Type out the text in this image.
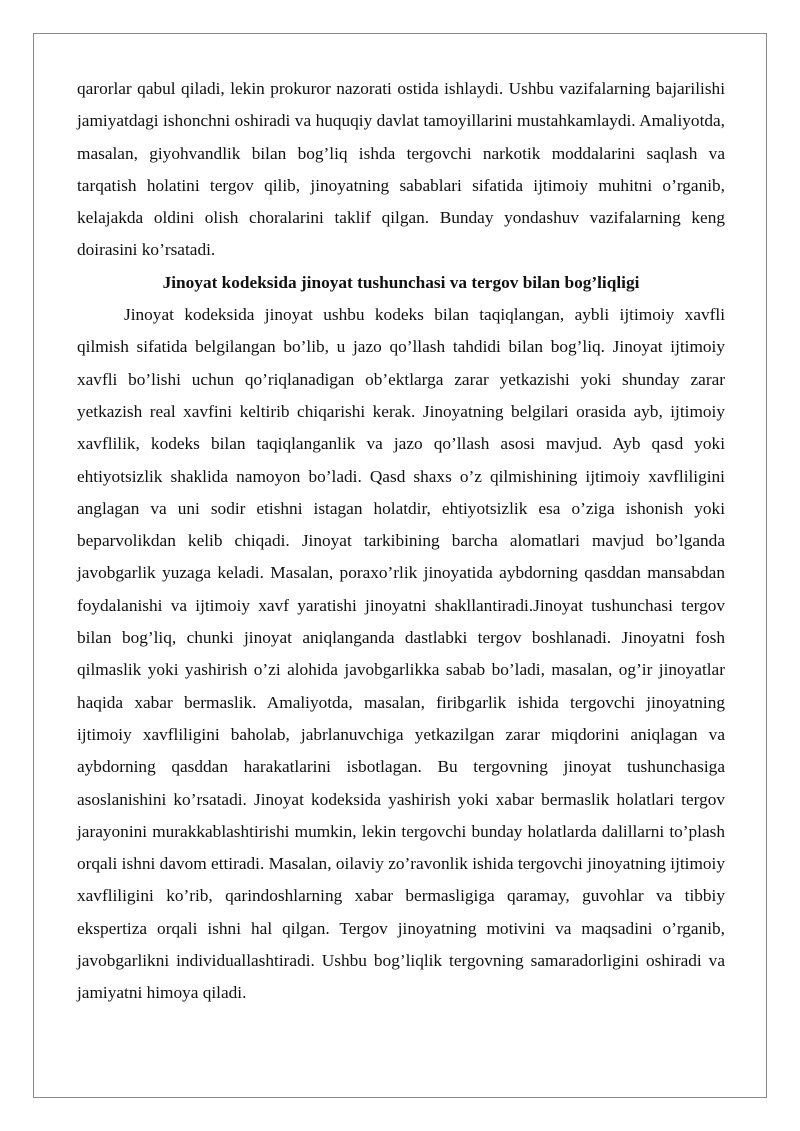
qarorlar qabul qiladi, lekin prokuror nazorati ostida ishlaydi. Ushbu vazifalarning bajarilishi jamiyatdagi ishonchni oshiradi va huquqiy davlat tamoyillarini mustahkamlaydi. Amaliyotda, masalan, giyohvandlik bilan bog’liq ishda tergovchi narkotik moddalarini saqlash va tarqatish holatini tergov qilib, jinoyatning sabablari sifatida ijtimoiy muhitni o’rganib, kelajakda oldini olish choralarini taklif qilgan. Bunday yondashuv vazifalarning keng doirasini ko’rsatadi.

Jinoyat kodeksida jinoyat tushunchasi va tergov bilan bog’liqligi

Jinoyat kodeksida jinoyat ushbu kodeks bilan taqiqlangan, aybli ijtimoiy xavfli qilmish sifatida belgilangan bo’lib, u jazo qo’llash tahdidi bilan bog’liq. Jinoyat ijtimoiy xavfli bo’lishi uchun qo’riqlanadigan ob’ektlarga zarar yetkazishi yoki shunday zarar yetkazish real xavfini keltirib chiqarishi kerak. Jinoyatning belgilari orasida ayb, ijtimoiy xavflilik, kodeks bilan taqiqlanganlik va jazo qo’llash asosi mavjud. Ayb qasd yoki ehtiyotsizlik shaklida namoyon bo’ladi. Qasd shaxs o’z qilmishining ijtimoiy xavfliligini anglagan va uni sodir etishni istagan holatdir, ehtiyotsizlik esa o’ziga ishonish yoki beparvolikdan kelib chiqadi. Jinoyat tarkibining barcha alomatlari mavjud bo’lganda javobgarlik yuzaga keladi. Masalan, poraxo’rlik jinoyatida aybdorning qasddan mansabdan foydalanishi va ijtimoiy xavf yaratishi jinoyatni shakllantiradi.Jinoyat tushunchasi tergov bilan bog’liq, chunki jinoyat aniqlanganda dastlabki tergov boshlanadi. Jinoyatni fosh qilmaslik yoki yashirish o’zi alohida javobgarlikka sabab bo’ladi, masalan, og’ir jinoyatlar haqida xabar bermaslik. Amaliyotda, masalan, firibgarlik ishida tergovchi jinoyatning ijtimoiy xavfliligini baholab, jabrlanuvchiga yetkazilgan zarar miqdorini aniqlagan va aybdorning qasddan harakatlarini isbotlagan. Bu tergovning jinoyat tushunchasiga asoslanishini ko’rsatadi. Jinoyat kodeksida yashirish yoki xabar bermaslik holatlari tergov jarayonini murakkablashtirishi mumkin, lekin tergovchi bunday holatlarda dalillarni to’plash orqali ishni davom ettiradi. Masalan, oilaviy zo’ravonlik ishida tergovchi jinoyatning ijtimoiy xavfliligini ko’rib, qarindoshlarning xabar bermasligiga qaramay, guvohlar va tibbiy ekspertiza orqali ishni hal qilgan. Tergov jinoyatning motivini va maqsadini o’rganib, javobgarlikni individuallashtiradi. Ushbu bog’liqlik tergovning samaradorligini oshiradi va jamiyatni himoya qiladi.
